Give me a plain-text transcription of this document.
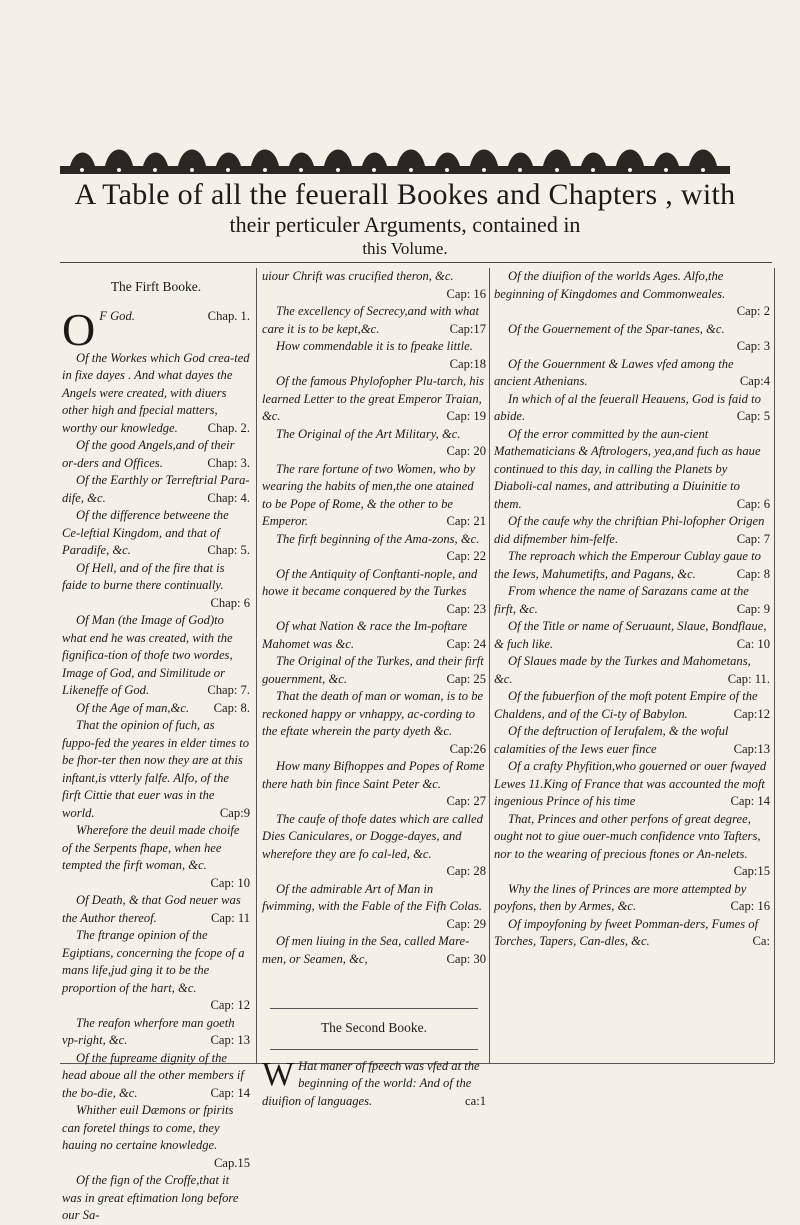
A Table of all the feuerall Bookes and Chapters , with
their perticuler Arguments, contained in
this Volume.
The Firft Booke.
O F God.	Chap. 1.
Of the Workes which God crea-ted in fixe dayes . And what dayes the Angels were created, with diuers other high and fpecial matters, worthy our knowledge.	Chap. 2.
Of the good Angels,and of their or-ders and Offices.	Chap: 3.
Of the Earthly or Terreftrial Para-dife, &c.	Chap: 4.
Of the difference betweene the Ce-leftial Kingdom, and that of Paradife, &c.	Chap: 5.
Of Hell, and of the fire that is faide to burne there continually.
Chap: 6
Of Man (the Image of God)to what end he was created, with the fignifica-tion of thofe two wordes, Image of God, and Similitude or Likeneffe of God.	Chap: 7.
Of the Age of man,&c.	Cap: 8.
That the opinion of fuch, as fuppo-fed the yeares in elder times to be fhor-ter then now they are at this inftant,is vtterly falfe. Alfo, of the firft Cittie that euer was in the world.	Cap:9
Wherefore the deuil made choife of the Serpents fhape, when hee tempted the firft woman, &c.
Cap: 10
Of Death, & that God neuer was the Author thereof.	Cap: 11
The ftrange opinion of the Egiptians, concerning the fcope of a mans life,jud ging it to be the proportion of the hart, &c.
Cap: 12
The reafon wherfore man goeth vp-right, &c.	Cap: 13
Of the fupreame dignity of the head aboue all the other members if the bo-die, &c.	Cap: 14
Whither euil Dæmons or fpirits can foretel things to come, they hauing no certaine knowledge.
Cap.15
Of the fign of the Croffe,that it was in great eftimation long before our Sa-
uiour Chrift was crucified theron, &c.
Cap: 16
The excellency of Secrecy,and with what care it is to be kept,&c.	Cap:17
How commendable it is to fpeake little.
Cap:18
Of the famous Phylofopher Plu-tarch, his learned Letter to the great Emperor Traian, &c.	Cap: 19
The Original of the Art Military, &c.
Cap: 20
The rare fortune of two Women, who by wearing the habits of men,the one atained to be Pope of Rome, & the other to be Emperor.	Cap: 21
The firft beginning of the Ama-zons, &c.
Cap: 22
Of the Antiquity of Conftanti-nople, and howe it became conquered by the Turkes
Cap: 23
Of what Nation & race the Im-poftare Mahomet was &c.	Cap: 24
The Original of the Turkes, and their firft gouernment, &c.	Cap: 25
That the death of man or woman, is to be reckoned happy or vnhappy, ac-cording to the eftate wherein the party dyeth &c.
Cap:26
How many Bifhoppes and Popes of Rome there hath bin fince Saint Peter &c.
Cap: 27
The caufe of thofe dates which are called Dies Caniculares, or Dogge-dayes, and wherefore they are fo cal-led, &c.
Cap: 28
Of the admirable Art of Man in fwimming, with the Fable of the Fifh Colas.
Cap: 29
Of men liuing in the Sea, called Mare-men, or Seamen, &c,	Cap: 30
The Second Booke.
W Hat maner of fpeech was vfed at the beginning of the world: And of the diuifion of languages.	ca:1
Of the diuifion of the worlds Ages. Alfo,the beginning of Kingdomes and Commonweales.
Cap: 2
Of the Gouernement of the Spar-tanes, &c.
Cap: 3
Of the Gouernment & Lawes vfed among the ancient Athenians.	Cap:4
In which of al the feuerall Heauens, God is faid to abide.	Cap: 5
Of the error committed by the aun-cient Mathematicians & Aftrologers, yea,and fuch as haue continued to this day, in calling the Planets by Diaboli-cal names, and attributing a Diuinitie to them.	Cap: 6
Of the caufe why the chriftian Phi-lofopher Origen did difmember him-felfe.	Cap: 7
The reproach which the Emperour Cublay gaue to the Iews, Mahumetifts, and Pagans, &c.	Cap: 8
From whence the name of Sarazans came at the firft, &c.	Cap: 9
Of the Title or name of Seruaunt, Slaue, Bondflaue, & fuch like.	Ca: 10
Of Slaues made by the Turkes and Mahometans, &c.	Cap: 11.
Of the fubuerfion of the moft potent Empire of the Chaldens, and of the Ci-ty of Babylon.	Cap:12
Of the deftruction of Ierufalem, & the woful calamities of the Iews euer fince	Cap:13
Of a crafty Phyfition,who gouerned or ouer fwayed Lewes 11.King of France that was accounted the moft ingenious Prince of his time	Cap: 14
That, Princes and other perfons of great degree, ought not to giue ouer-much confidence vnto Tafters, nor to the wearing of precious ftones or An-nelets.
Cap:15
Why the lines of Princes are more attempted by poyfons, then by Armes, &c.	Cap: 16
Of impoyfoning by fweet Pomman-ders, Fumes of Torches, Tapers, Can-dles, &c.	Ca:
